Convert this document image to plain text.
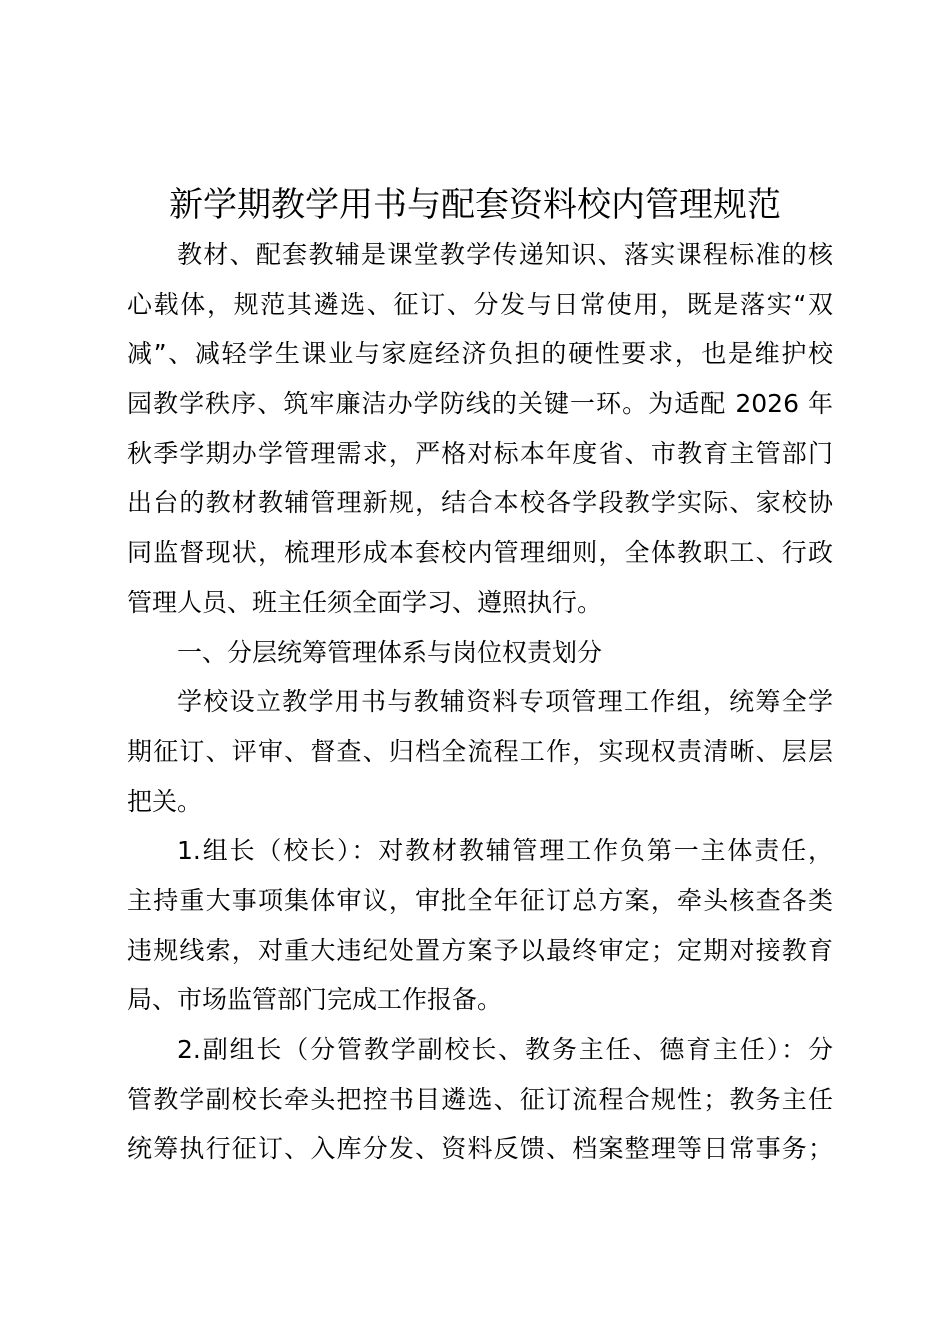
新学期教学用书与配套资料校内管理规范
教材、配套教辅是课堂教学传递知识、落实课程标准的核
心载体，规范其遴选、征订、分发与日常使用，既是落实“双
减”、减轻学生课业与家庭经济负担的硬性要求，也是维护校
园教学秩序、筑牢廉洁办学防线的关键一环。为适配 2026 年
秋季学期办学管理需求，严格对标本年度省、市教育主管部门
出台的教材教辅管理新规，结合本校各学段教学实际、家校协
同监督现状，梳理形成本套校内管理细则，全体教职工、行政
管理人员、班主任须全面学习、遵照执行。
一、分层统筹管理体系与岗位权责划分
学校设立教学用书与教辅资料专项管理工作组，统筹全学
期征订、评审、督查、归档全流程工作，实现权责清晰、层层
把关。
1.组长（校长）：对教材教辅管理工作负第一主体责任，
主持重大事项集体审议，审批全年征订总方案，牵头核查各类
违规线索，对重大违纪处置方案予以最终审定；定期对接教育
局、市场监管部门完成工作报备。
2.副组长（分管教学副校长、教务主任、德育主任）：分
管教学副校长牵头把控书目遴选、征订流程合规性；教务主任
统筹执行征订、入库分发、资料反馈、档案整理等日常事务；
